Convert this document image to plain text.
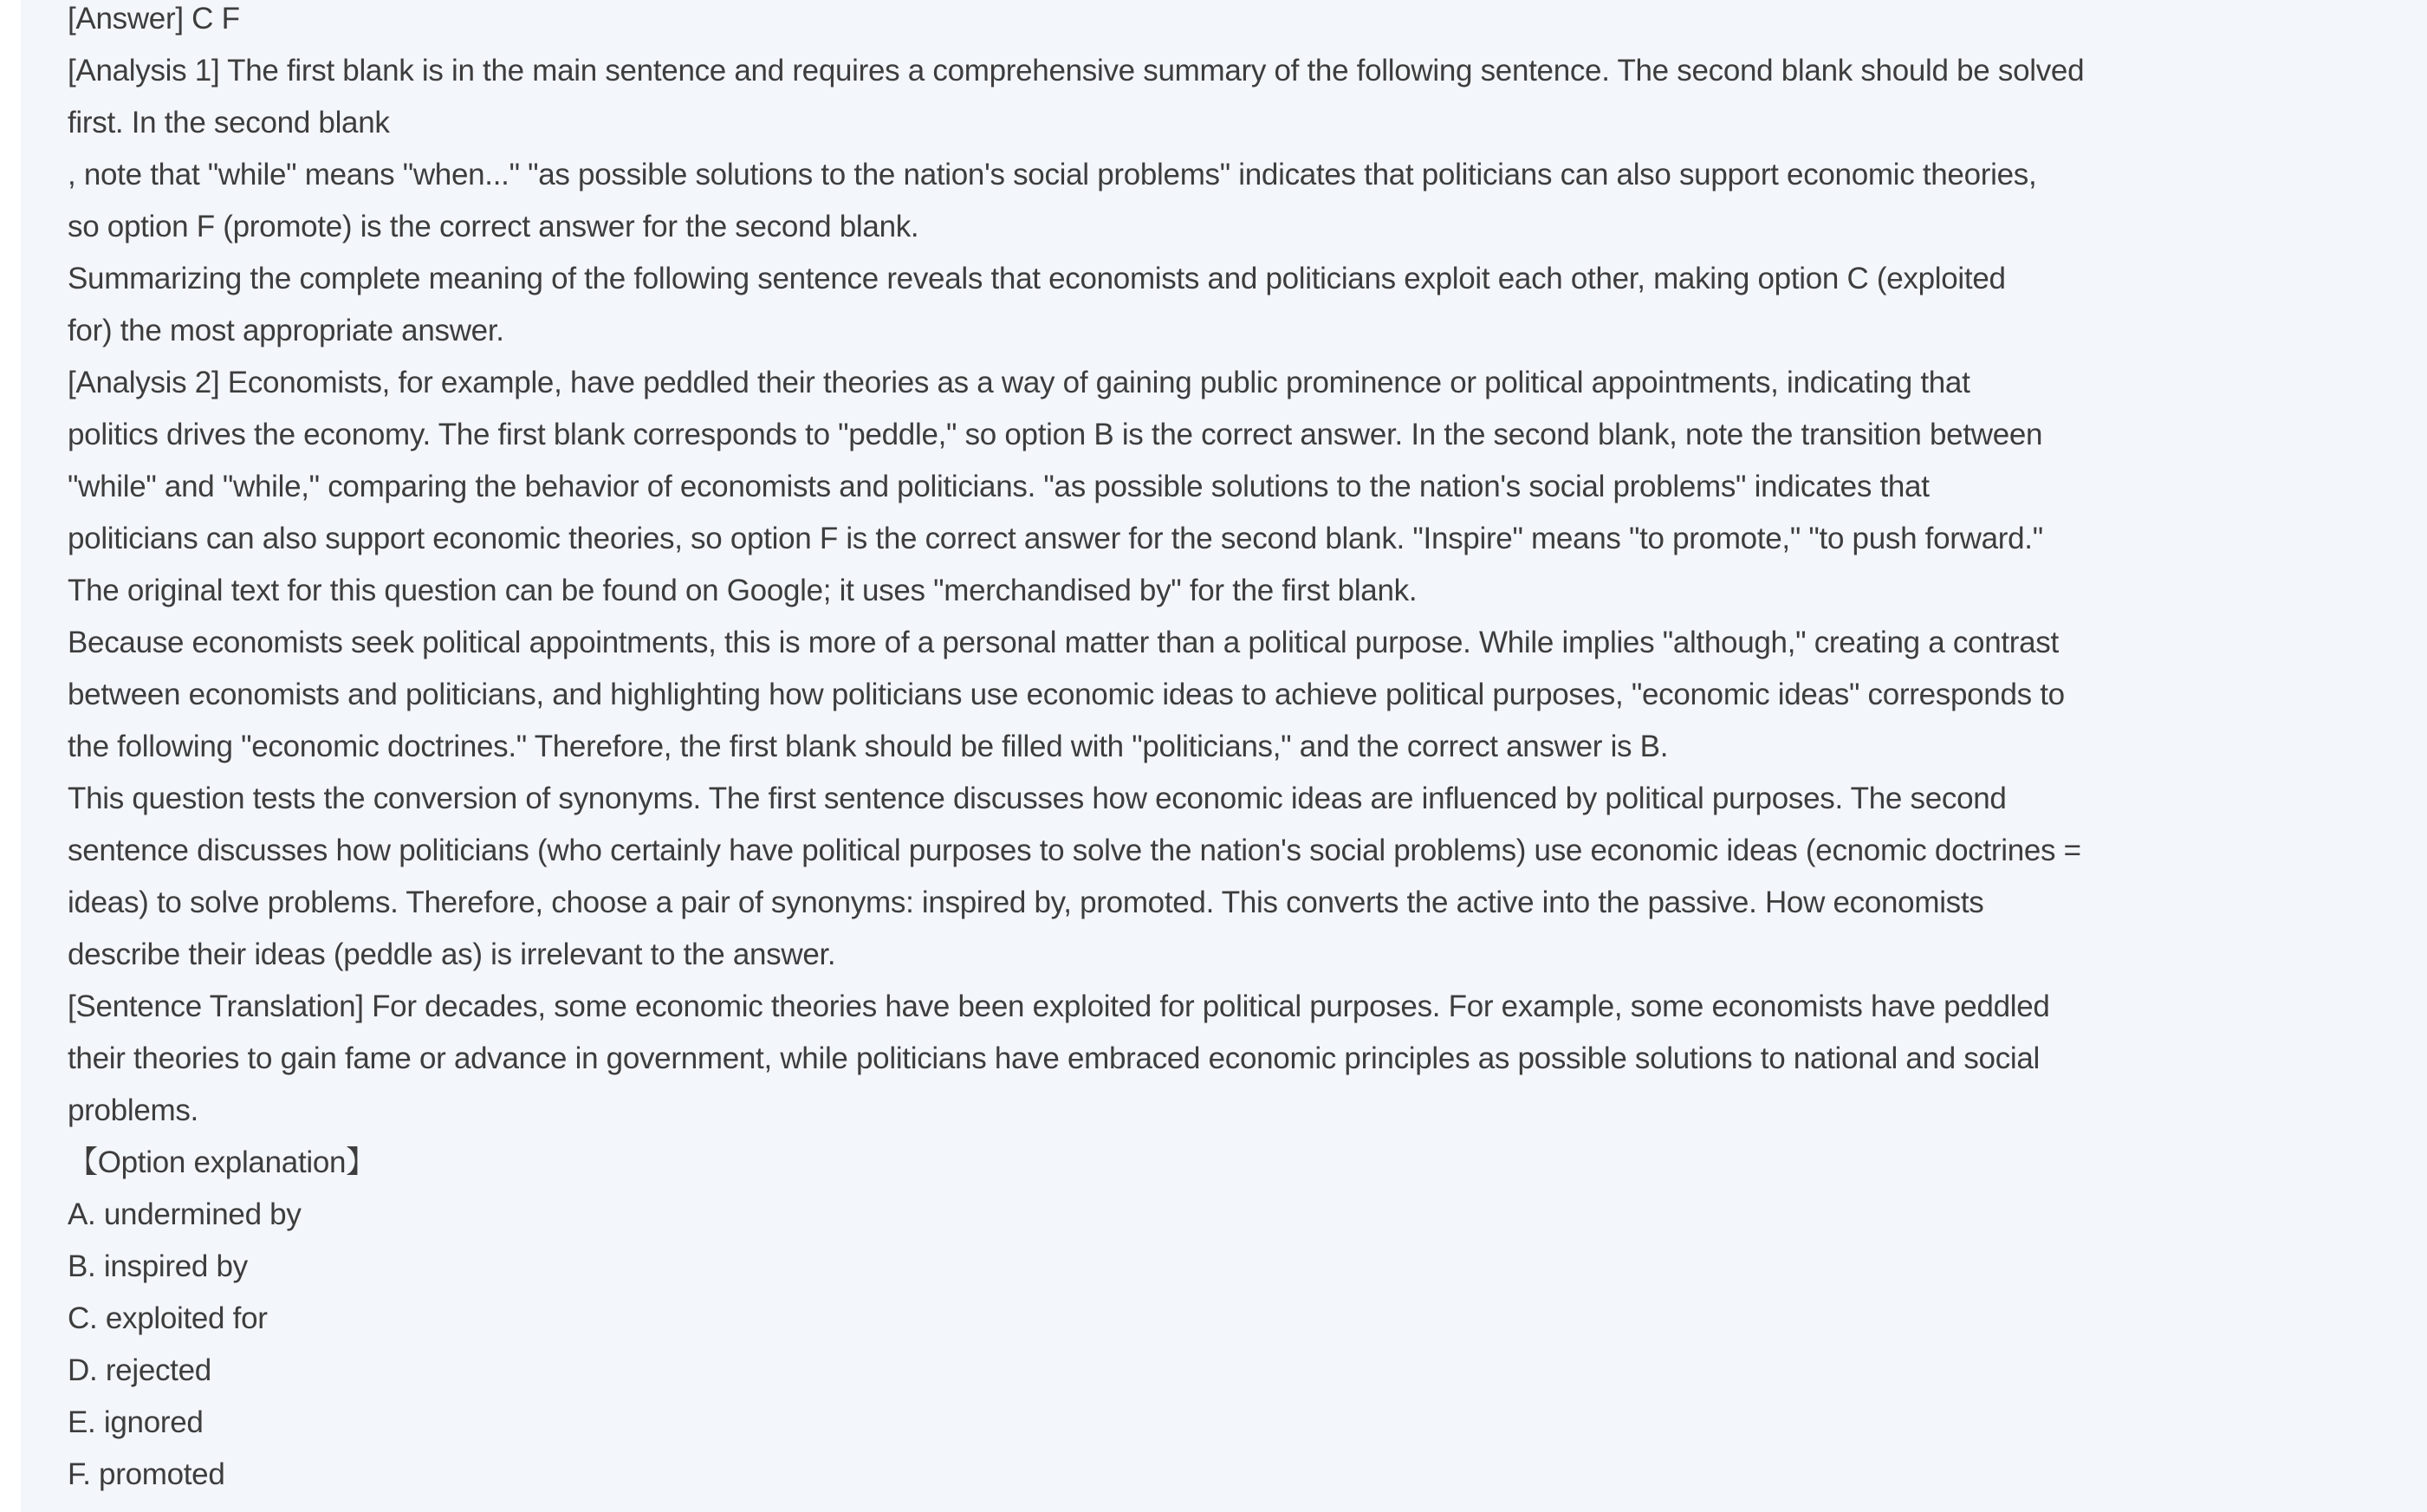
[Answer] C F
[Analysis 1] The first blank is in the main sentence and requires a comprehensive summary of the following sentence. The second blank should be solved
first. In the second blank
, note that "while" means "when..." "as possible solutions to the nation's social problems" indicates that politicians can also support economic theories,
so option F (promote) is the correct answer for the second blank.
Summarizing the complete meaning of the following sentence reveals that economists and politicians exploit each other, making option C (exploited
for) the most appropriate answer.
[Analysis 2] Economists, for example, have peddled their theories as a way of gaining public prominence or political appointments, indicating that
politics drives the economy. The first blank corresponds to "peddle," so option B is the correct answer. In the second blank, note the transition between
"while" and "while," comparing the behavior of economists and politicians. "as possible solutions to the nation's social problems" indicates that
politicians can also support economic theories, so option F is the correct answer for the second blank. "Inspire" means "to promote," "to push forward."
The original text for this question can be found on Google; it uses "merchandised by" for the first blank.
Because economists seek political appointments, this is more of a personal matter than a political purpose. While implies "although," creating a contrast
between economists and politicians, and highlighting how politicians use economic ideas to achieve political purposes, "economic ideas" corresponds to
the following "economic doctrines." Therefore, the first blank should be filled with "politicians," and the correct answer is B.
This question tests the conversion of synonyms. The first sentence discusses how economic ideas are influenced by political purposes. The second
sentence discusses how politicians (who certainly have political purposes to solve the nation's social problems) use economic ideas (ecnomic doctrines =
ideas) to solve problems. Therefore, choose a pair of synonyms: inspired by, promoted. This converts the active into the passive. How economists
describe their ideas (peddle as) is irrelevant to the answer.
[Sentence Translation] For decades, some economic theories have been exploited for political purposes. For example, some economists have peddled
their theories to gain fame or advance in government, while politicians have embraced economic principles as possible solutions to national and social
problems.
【Option explanation】
A. undermined by
B. inspired by
C. exploited for
D. rejected
E. ignored
F. promoted
